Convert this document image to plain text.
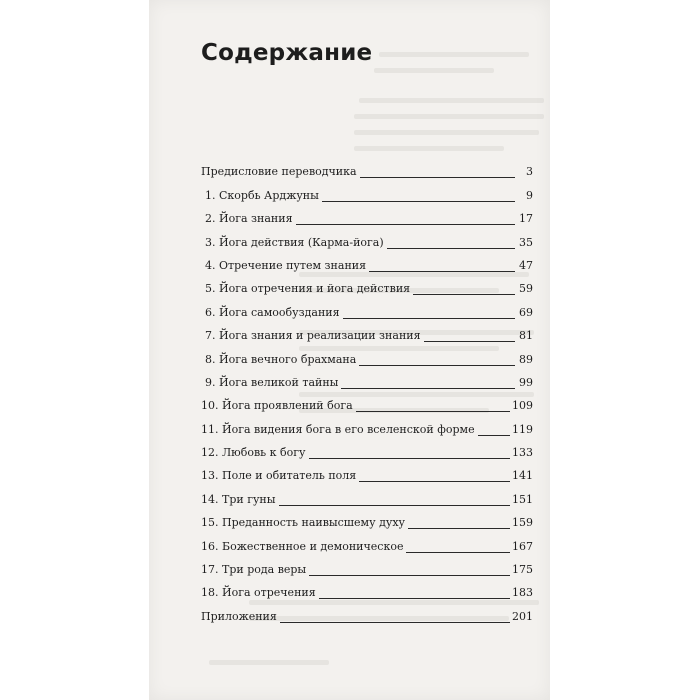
Содержание
Предисловие переводчика	3
1. Скорбь Арджуны	9
2. Йога знания	17
3. Йога действия (Карма-йога)	35
4. Отречение путем знания	47
5. Йога отречения и йога действия	59
6. Йога самообуздания	69
7. Йога знания и реализации знания	81
8. Йога вечного брахмана	89
9. Йога великой тайны	99
10. Йога проявлений бога	109
11. Йога видения бога в его вселенской форме	119
12. Любовь к богу	133
13. Поле и обитатель поля	141
14. Три гуны	151
15. Преданность наивысшему духу	159
16. Божественное и демоническое	167
17. Три рода веры	175
18. Йога отречения	183
Приложения	201
